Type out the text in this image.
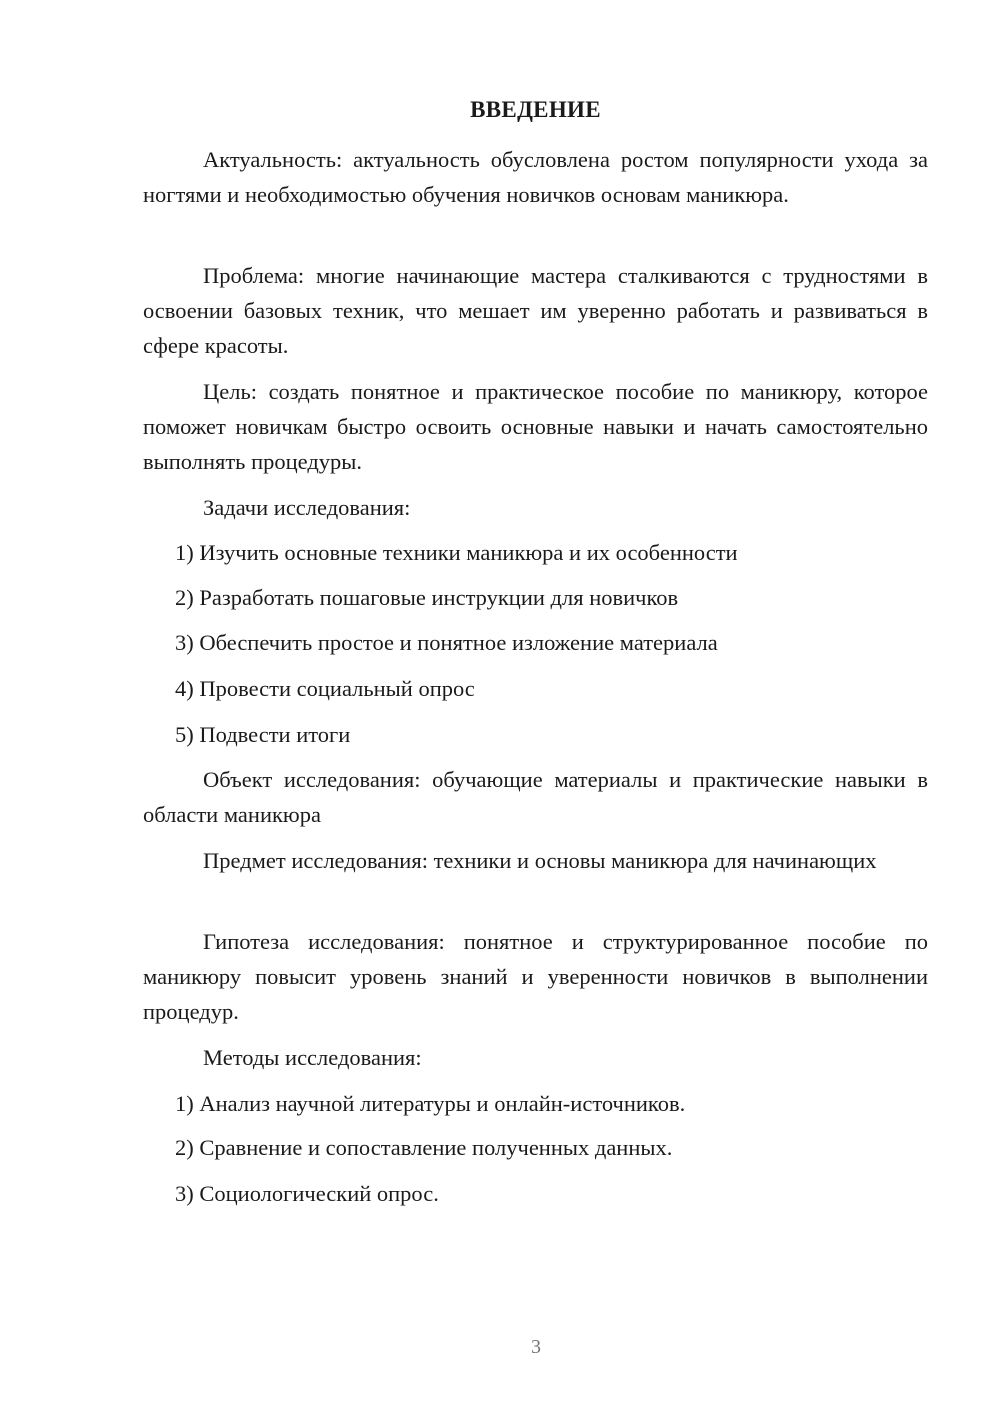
ВВЕДЕНИЕ

Актуальность: актуальность обусловлена ростом популярности ухода за ногтями и необходимостью обучения новичков основам маникюра.

Проблема: многие начинающие мастера сталкиваются с трудностями в освоении базовых техник, что мешает им уверенно работать и развиваться в сфере красоты.

Цель: создать понятное и практическое пособие по маникюру, которое поможет новичкам быстро освоить основные навыки и начать самостоятельно выполнять процедуры.

Задачи исследования:

1) Изучить основные техники маникюра и их особенности

2) Разработать пошаговые инструкции для новичков

3) Обеспечить простое и понятное изложение материала

4) Провести социальный опрос

5) Подвести итоги

Объект исследования: обучающие материалы и практические навыки в области маникюра

Предмет исследования: техники и основы маникюра для начинающих

Гипотеза исследования: понятное и структурированное пособие по маникюру повысит уровень знаний и уверенности новичков в выполнении процедур.

Методы исследования:

1) Анализ научной литературы и онлайн-источников.

2) Сравнение и сопоставление полученных данных.

3) Социологический опрос.

3
